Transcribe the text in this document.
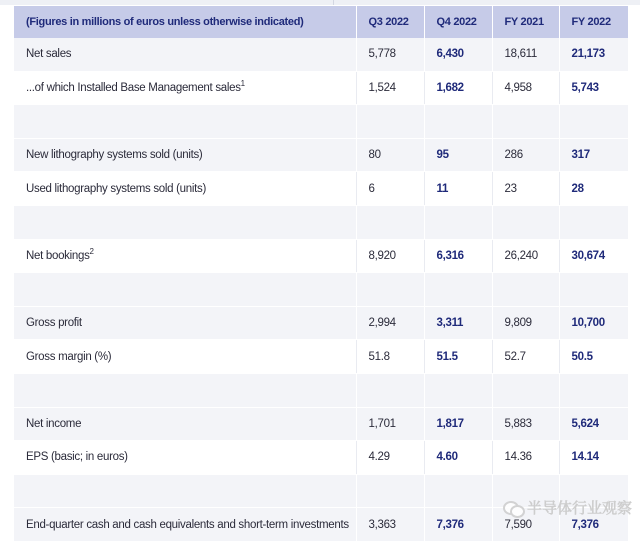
(Figures in millions of euros unless otherwise indicated)	Q3 2022	Q4 2022	FY 2021	FY 2022
Net sales	5,778	6,430	18,611	21,173
...of which Installed Base Management sales$^1$	1,524	1,682	4,958	5,743

New lithography systems sold (units)	80	95	286	317
Used lithography systems sold (units)	6	11	23	28

Net bookings$^2$	8,920	6,316	26,240	30,674

Gross profit	2,994	3,311	9,809	10,700
Gross margin (%)	51.8	51.5	52.7	50.5

Net income	1,701	1,817	5,883	5,624
EPS (basic; in euros)	4.29	4.60	14.36	14.14

End-quarter cash and cash equivalents and short-term investments	3,363	7,376	7,590	7,376
半导体行业观察
